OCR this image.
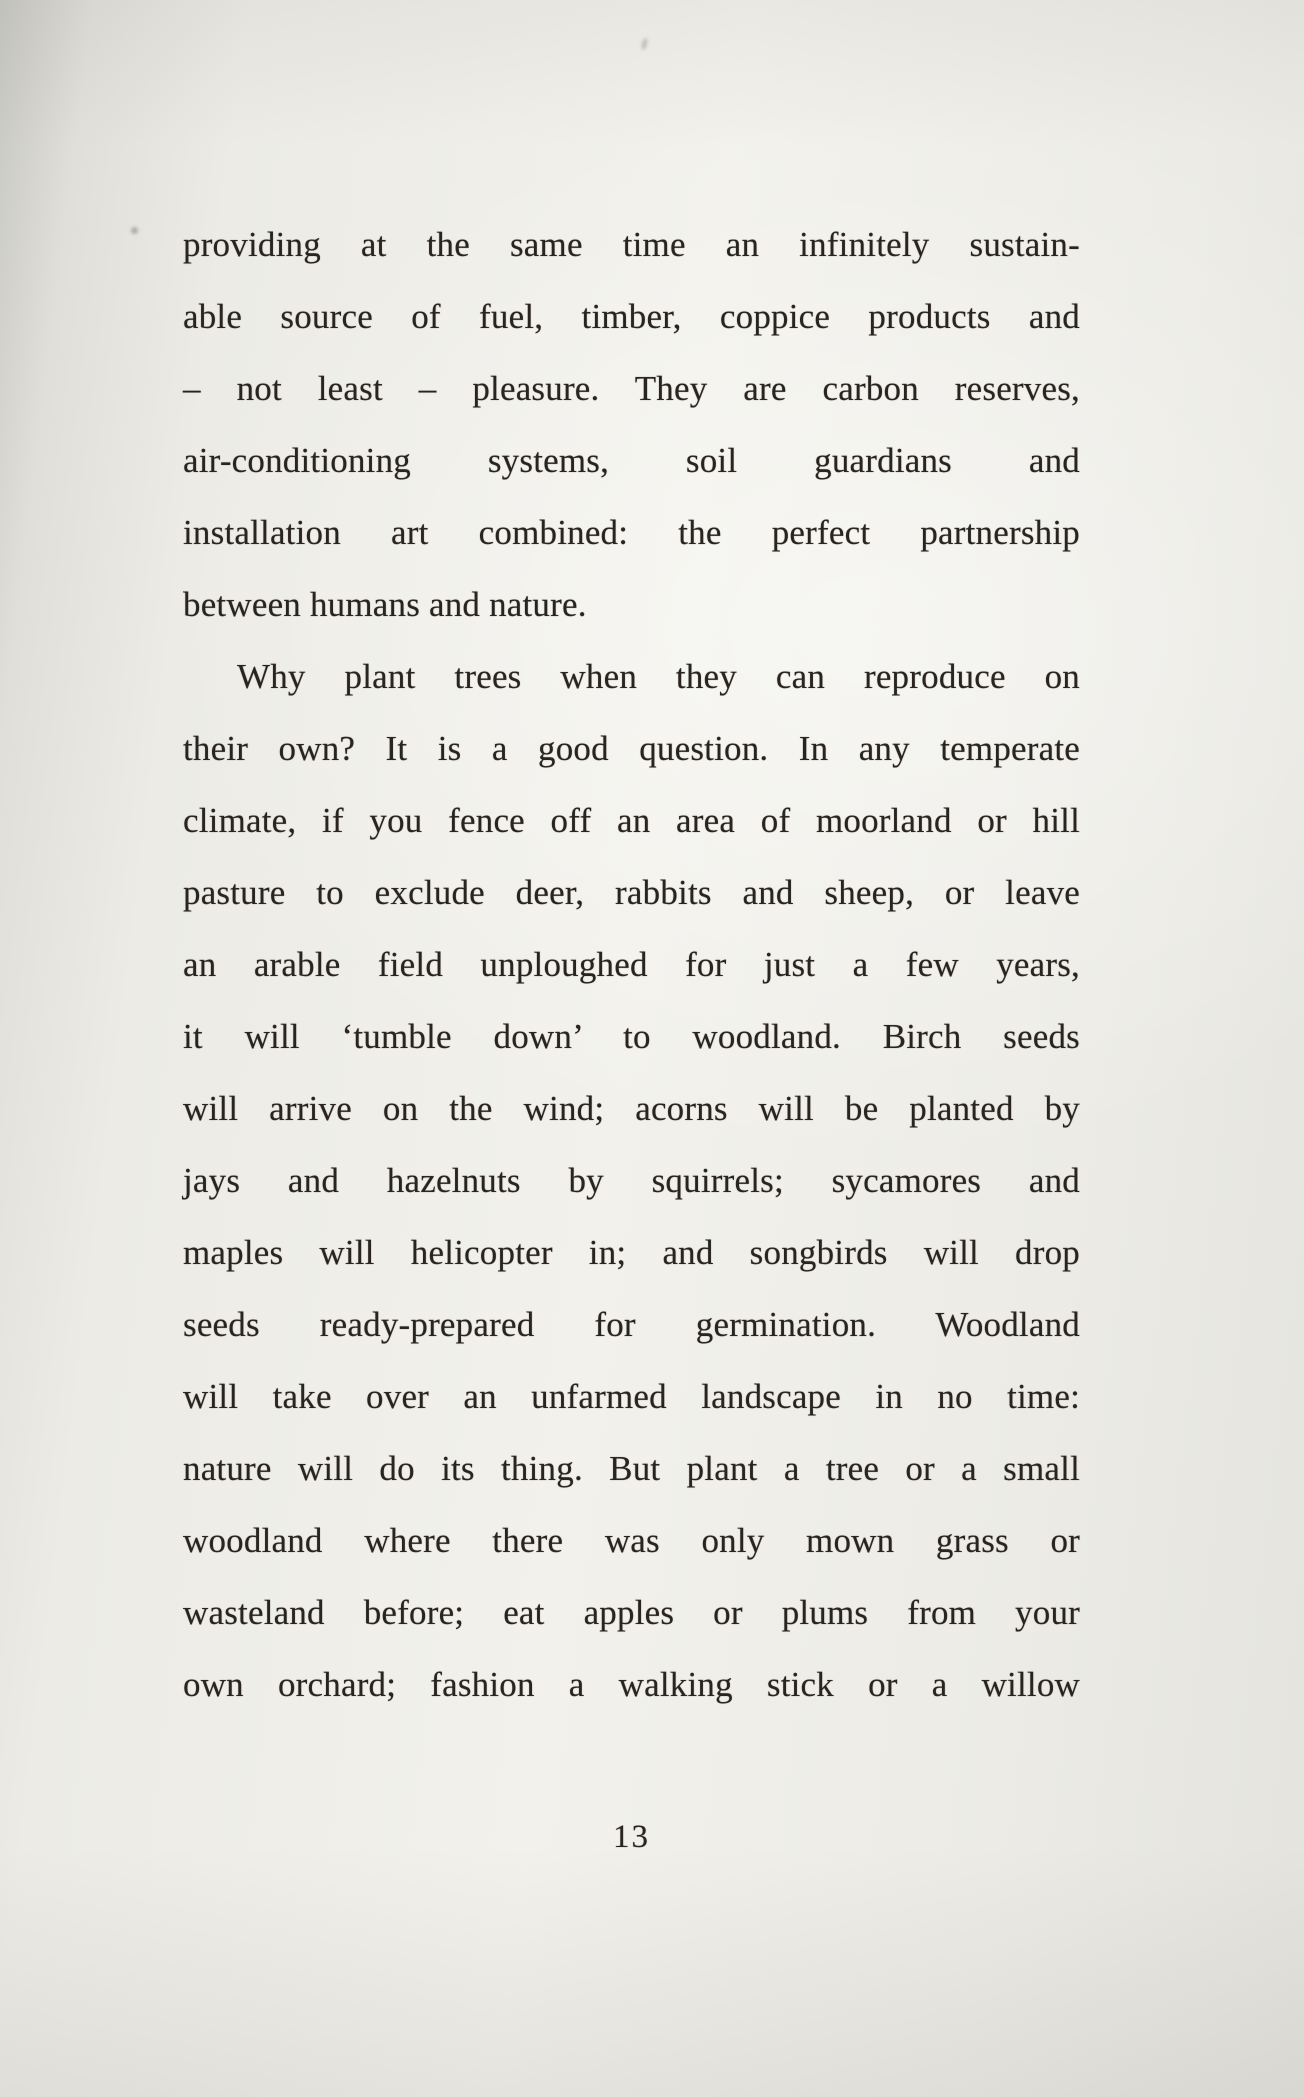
providing at the same time an infinitely sustain-
able source of fuel, timber, coppice products and
– not least – pleasure. They are carbon reserves,
air-conditioning systems, soil guardians and
installation art combined: the perfect partnership
between humans and nature.
Why plant trees when they can reproduce on
their own? It is a good question. In any temperate
climate, if you fence off an area of moorland or hill
pasture to exclude deer, rabbits and sheep, or leave
an arable field unploughed for just a few years,
it will ‘tumble down’ to woodland. Birch seeds
will arrive on the wind; acorns will be planted by
jays and hazelnuts by squirrels; sycamores and
maples will helicopter in; and songbirds will drop
seeds ready-prepared for germination. Woodland
will take over an unfarmed landscape in no time:
nature will do its thing. But plant a tree or a small
woodland where there was only mown grass or
wasteland before; eat apples or plums from your
own orchard; fashion a walking stick or a willow
13
